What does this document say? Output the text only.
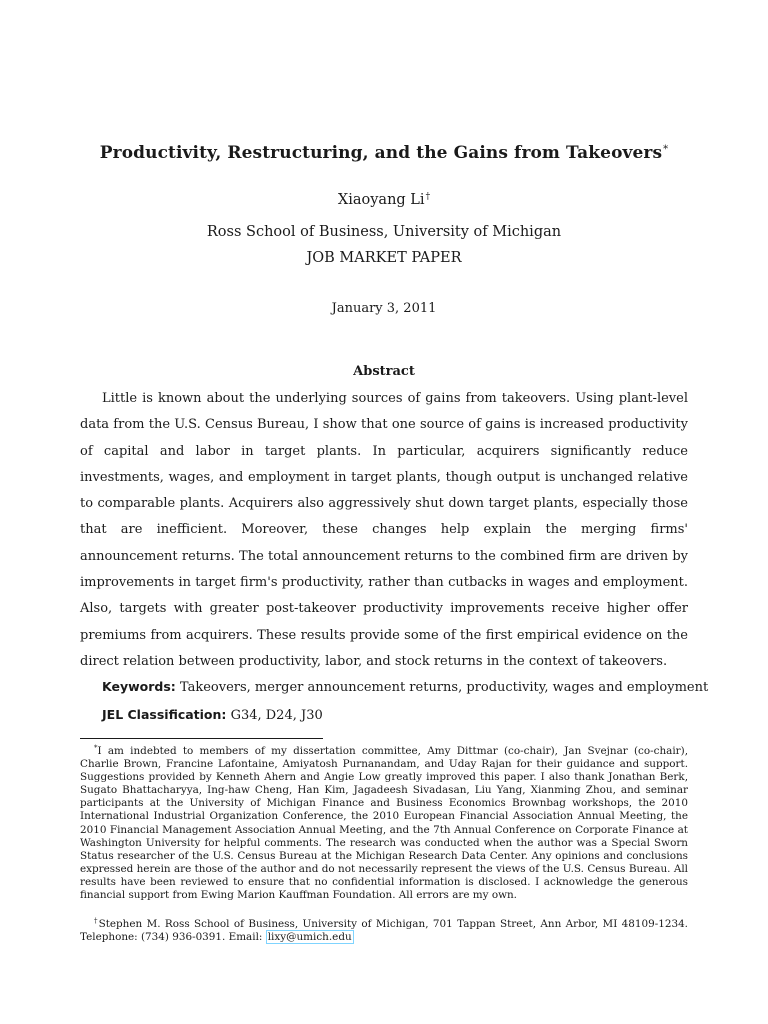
Productivity, Restructuring, and the Gains from Takeovers*
Xiaoyang Li†
Ross School of Business, University of Michigan
JOB MARKET PAPER
January 3, 2011
Abstract

Little is known about the underlying sources of gains from takeovers. Using plant-level data from the U.S. Census Bureau, I show that one source of gains is increased productivity of capital and labor in target plants. In particular, acquirers significantly reduce investments, wages, and employment in target plants, though output is unchanged relative to comparable plants. Acquirers also aggressively shut down target plants, especially those that are inefficient. Moreover, these changes help explain the merging firms' announcement returns. The total announcement returns to the combined firm are driven by improvements in target firm's productivity, rather than cutbacks in wages and employment. Also, targets with greater post-takeover productivity improvements receive higher offer premiums from acquirers. These results provide some of the first empirical evidence on the direct relation between productivity, labor, and stock returns in the context of takeovers.

Keywords: Takeovers, merger announcement returns, productivity, wages and employment
JEL Classification: G34, D24, J30

*I am indebted to members of my dissertation committee, Amy Dittmar (co-chair), Jan Svejnar (co-chair), Charlie Brown, Francine Lafontaine, Amiyatosh Purnanandam, and Uday Rajan for their guidance and support. Suggestions provided by Kenneth Ahern and Angie Low greatly improved this paper. I also thank Jonathan Berk, Sugato Bhattacharyya, Ing-haw Cheng, Han Kim, Jagadeesh Sivadasan, Liu Yang, Xianming Zhou, and seminar participants at the University of Michigan Finance and Business Economics Brownbag workshops, the 2010 International Industrial Organization Conference, the 2010 European Financial Association Annual Meeting, the 2010 Financial Management Association Annual Meeting, and the 7th Annual Conference on Corporate Finance at Washington University for helpful comments. The research was conducted when the author was a Special Sworn Status researcher of the U.S. Census Bureau at the Michigan Research Data Center. Any opinions and conclusions expressed herein are those of the author and do not necessarily represent the views of the U.S. Census Bureau. All results have been reviewed to ensure that no confidential information is disclosed. I acknowledge the generous financial support from Ewing Marion Kauffman Foundation. All errors are my own.

†Stephen M. Ross School of Business, University of Michigan, 701 Tappan Street, Ann Arbor, MI 48109-1234. Telephone: (734) 936-0391. Email: lixy@umich.edu
